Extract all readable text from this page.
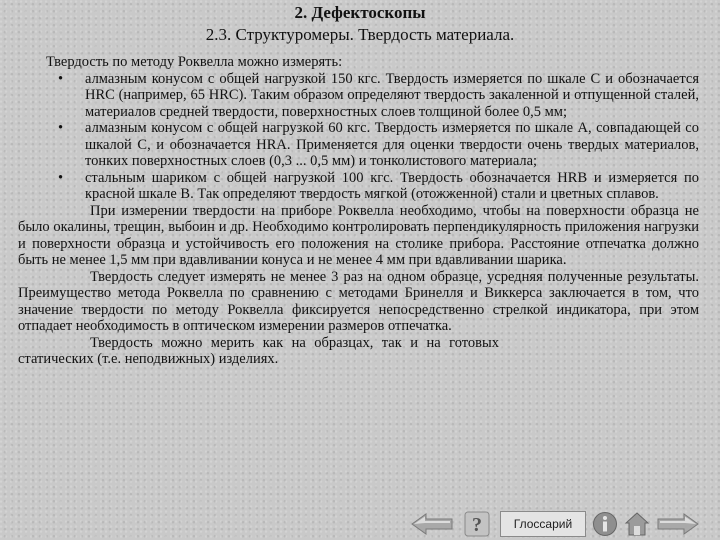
2. Дефектоскопы
2.3. Структуромеры. Твердость материала.

Твердость по методу Роквелла можно измерять:

• алмазным конусом с общей нагрузкой 150 кгс. Твердость измеряется по шкале С и обозначается HRC (например, 65 HRC). Таким образом определяют твердость закаленной и отпущенной сталей, материалов средней твердости, поверхностных слоев толщиной более 0,5 мм;
• алмазным конусом с общей нагрузкой 60 кгс. Твердость измеряется по шкале А, совпадающей со шкалой С, и обозначается HRA. Применяется для оценки твердости очень твердых материалов, тонких поверхностных слоев (0,3 ... 0,5 мм) и тонколистового материала;
• стальным шариком с общей нагрузкой 100 кгс. Твердость обозначается HRB и измеряется по красной шкале В. Так определяют твердость мягкой (отожженной) стали и цветных сплавов.

При измерении твердости на приборе Роквелла необходимо, чтобы на поверхности образца не было окалины, трещин, выбоин и др. Необходимо контролировать перпендикулярность приложения нагрузки и поверхности образца и устойчивость его положения на столике прибора. Расстояние отпечатка должно быть не менее 1,5 мм при вдавливании конуса и не менее 4 мм при вдавливании шарика.

Твердость следует измерять не менее 3 раз на одном образце, усредняя полученные результаты. Преимущество метода Роквелла по сравнению с методами Бринелля и Виккерса заключается в том, что значение твердости по методу Роквелла фиксируется непосредственно стрелкой индикатора, при этом отпадает необходимость в оптическом измерении размеров отпечатка.

Твердость можно мерить как на образцах, так и на готовых статических (т.е. неподвижных) изделиях.

?	Глоссарий
